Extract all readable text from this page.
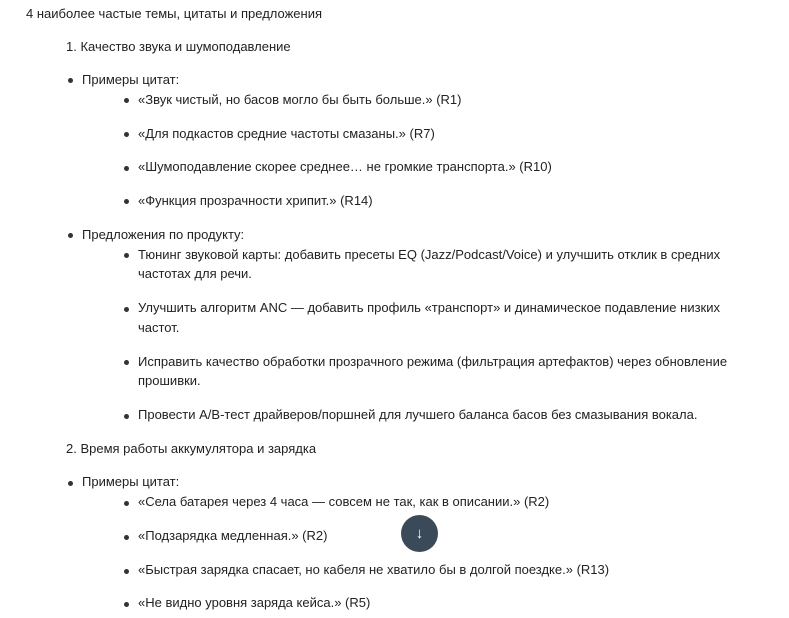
4 наиболее частые темы, цитаты и предложения
1. Качество звука и шумоподавление
Примеры цитат:
«Звук чистый, но басов могло бы быть больше.» (R1)
«Для подкастов средние частоты смазаны.» (R7)
«Шумоподавление скорее среднее… не громкие транспорта.» (R10)
«Функция прозрачности хрипит.» (R14)
Предложения по продукту:
Тюнинг звуковой карты: добавить пресеты EQ (Jazz/Podcast/Voice) и улучшить отклик в средних
частотах для речи.
Улучшить алгоритм ANC — добавить профиль «транспорт» и динамическое подавление низких
частот.
Исправить качество обработки прозрачного режима (фильтрация артефактов) через обновление
прошивки.
Провести A/B-тест драйверов/поршней для лучшего баланса басов без смазывания вокала.
2. Время работы аккумулятора и зарядка
Примеры цитат:
«Села батарея через 4 часа — совсем не так, как в описании.» (R2)
«Подзарядка медленная.» (R2)
«Быстрая зарядка спасает, но кабеля не хватило бы в долгой поездке.» (R13)
«Не видно уровня заряда кейса.» (R5)
↓
